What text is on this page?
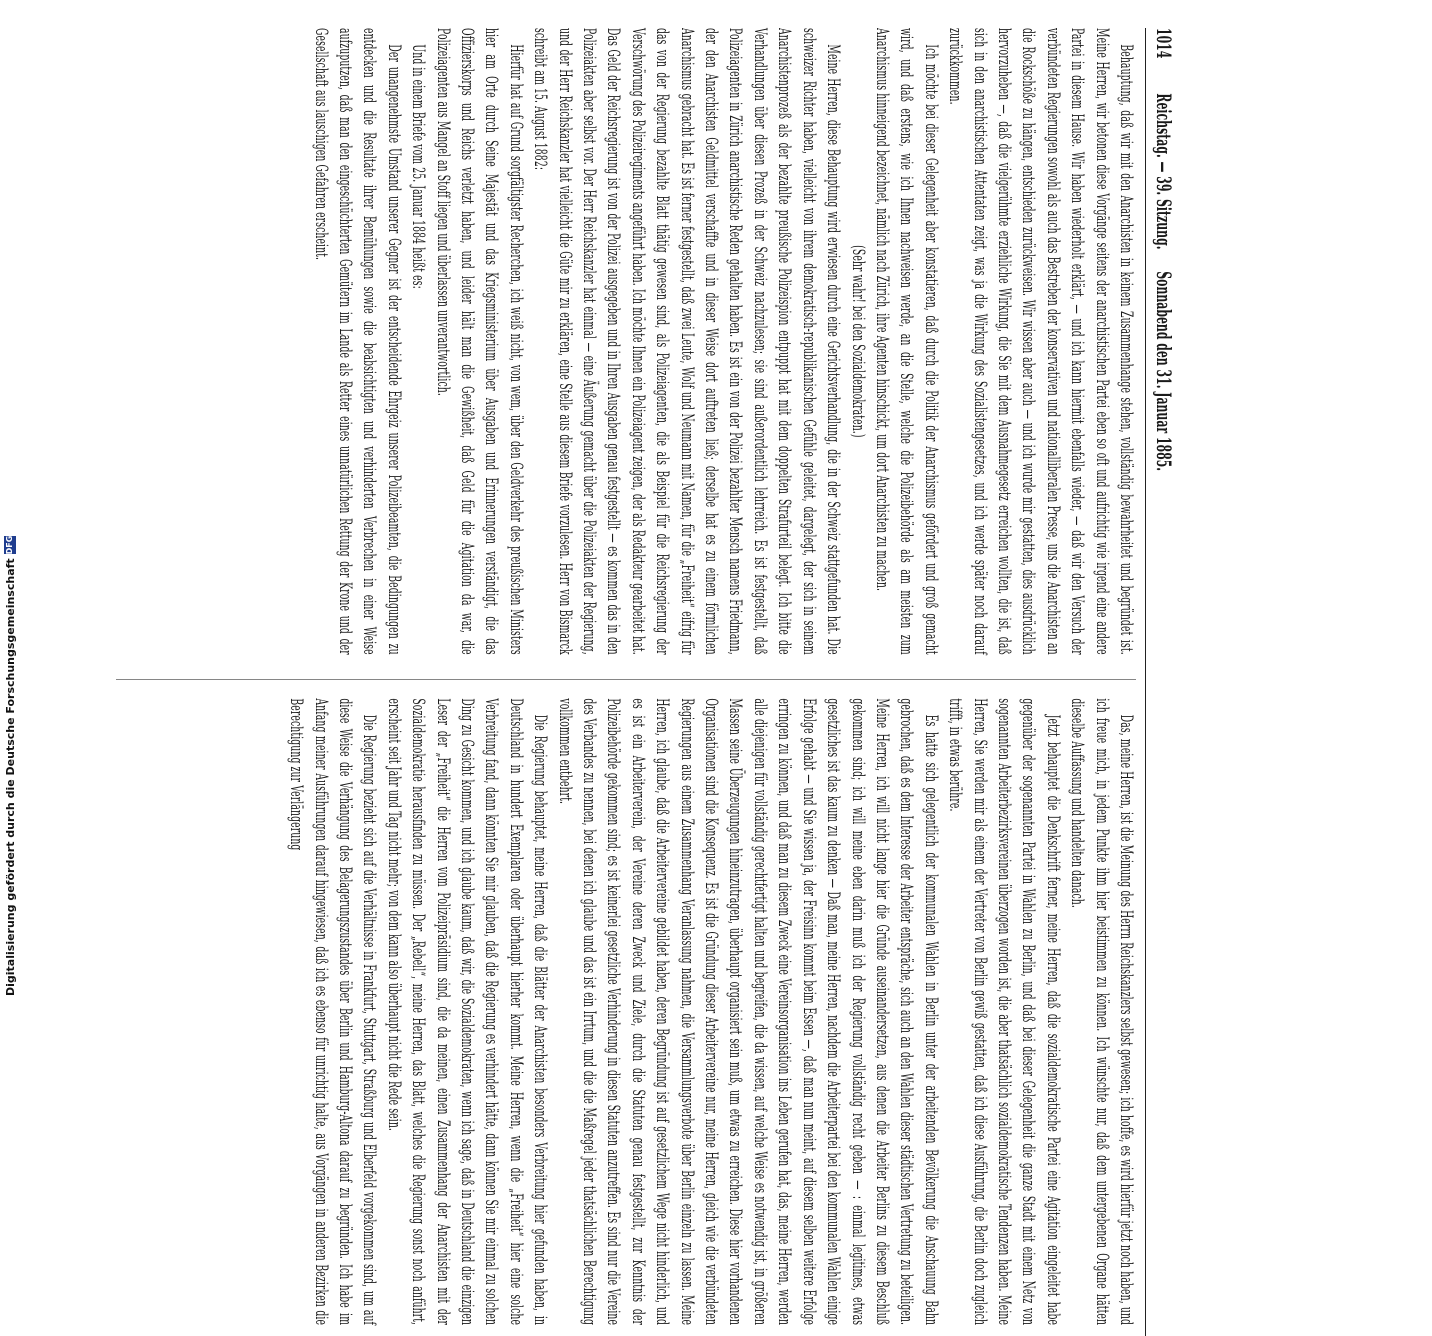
1014
Reichstag. — 39. Sitzung.
Sonnabend den 31. Januar 1885.

Behauptung, daß wir mit den Anarchisten in keinem Zusammenhange stehen, vollständig bewahrheitet und begründet ist. Meine Herren, wir betonen diese Vorgänge seitens der anarchistischen Partei eben so oft und aufrichtig wie irgend eine andere Partei in diesem Hause. Wir haben wiederholt erklärt, — und ich kann hiermit ebenfalls wieder, — daß wir den Versuch der verbündeten Regierungen sowohl als auch das Bestreben der konservativen und nationalliberalen Presse, uns die Anarchisten an die Rockschöße zu hängen, entschieden zurückweisen. Wir wissen aber auch — und ich wurde mir gestatten, dies ausdrücklich hervorzuheben —, daß die vielgerühmte erziehliche Wirkung, die Sie mit dem Ausnahmegesetz erreichen wollten, die ist, daß sich in den anarchistischen Attentaten zeigt, was ja die Wirkung des Sozialistengesetzes, und ich werde später noch darauf zurückkommen.

Ich möchte bei dieser Gelegenheit aber konstatieren, daß durch die Politik der Anarchismus gefördert und groß gemacht wird, und daß erstens, wie ich Ihnen nachweisen werde, an die Stelle, welche die Polizeibehörde als am meisten zum Anarchismus hinneigend bezeichnet, nämlich nach Zürich, ihre Agenten hinschickt, um dort Anarchisten zu machen.

(Sehr wahr! bei den Sozialdemokraten.)

Meine Herren, diese Behauptung wird erwiesen durch eine Gerichtsverhandlung, die in der Schweiz stattgefunden hat. Die schweizer Richter haben, vielleicht von ihrem demokratisch-republikanischen Gefühle geleitet, dargelegt, der sich in seinem Anarchistenprozeß als der bezahlte preußische Polizeispion entpuppt hat mit dem doppelten Strafurteil belegt. Ich bitte die Verhandlungen über diesen Prozeß in der Schweiz nachzulesen; sie sind außerordentlich lehrreich. Es ist festgestellt, daß Polizeiagenten in Zürich anarchistische Reden gehalten haben. Es ist ein von der Polizei bezahlter Mensch namens Friedmann, der den Anarchisten Geldmittel verschaffte und in dieser Weise dort auftreten ließ; derselbe hat es zu einem förmlichen Anarchismus gebracht hat. Es ist ferner festgestellt, daß zwei Leute, Wolf und Neumann mit Namen, für die „Freiheit“ eifrig für das von der Regierung bezahlte Blatt thätig gewesen sind, als Polizeiagenten, die als Beispiel für die Reichsregierung der Verschwörung des Polizeiregiments angeführt haben. Ich möchte Ihnen ein Polizeiagent zeigen, der als Redakteur gearbeitet hat. Das Geld der Reichsregierung ist von der Polizei ausgegeben und in Ihren Ausgaben genau festgestellt — es kommen das in den Polizeiakten aber selbst vor. Der Herr Reichskanzler hat einmal — eine Äußerung gemacht über die Polizeiakten der Regierung, und der Herr Reichskanzler hat vielleicht die Güte mir zu erklären, eine Stelle aus diesem Briefe vorzulesen. Herr von Bismarck schreibt am 15. August 1882:

Hierfür hat auf Grund sorgfältigster Recherchen, ich weiß nicht, von wem, über den Geldverkehr des preußischen Ministers hier am Orte durch Seine Majestät und das Kriegsministerium über Ausgaben und Erinnerungen verständigt, die das Offizierskorps und Reichs verletzt haben, und leider hält man die Gewißheit, daß Geld für die Agitation da war, die Polizeiagenten aus Mangel an Stoff liegen und überlassen unverantwortlich.

Und in einem Briefe vom 25. Januar 1884 heißt es:

Der unangenehmste Umstand unserer Gegner ist der entscheidende Ehrgeiz unserer Polizeibeamten, die Bedingungen zu entdecken und die Resultate ihrer Bemühungen sowie die beabsichtigten und verhinderten Verbrechen in einer Weise aufzuputzen, daß man den eingeschüchterten Gemütern im Lande als Retter eines unnatürlichen Rettung der Krone und der Gesellschaft aus lauschigen Gefahren erscheint.

Das, meine Herren, ist die Meinung des Herrn Reichskanzlers selbst gewesen; ich hoffe, es wird hierfür jetzt noch haben, und ich freue mich, in jedem Punkte ihm hier beistimmen zu können. Ich wünschte nur, daß dem untergebenen Organe hätten dieselbe Auffassung und handelten danach.

Jetzt behauptet die Denkschrift ferner, meine Herren, daß die sozialdemokratische Partei eine Agitation eingeleitet habe gegenüber der sogenannten Partei in Wahlen zu Berlin, und daß bei dieser Gelegenheit die ganze Stadt mit einem Netz von sogenannten Arbeiterbezirksvereinen überzogen worden ist, die aber thatsächlich sozialdemokratische Tendenzen haben. Meine Herren, Sie werden mir als einem der Vertreter von Berlin gewiß gestatten, daß ich diese Ausführung, die Berlin doch zugleich trifft, in etwas berühre.

Es hatte sich gelegentlich der kommunalen Wahlen in Berlin unter der arbeitenden Bevölkerung die Anschauung Bahn gebrochen, daß es dem Interesse der Arbeiter entspräche, sich auch an den Wahlen dieser städtischen Vertretung zu beteiligen. Meine Herren, ich will nicht lange hier die Gründe auseinandersetzen, aus denen die Arbeiter Berlins zu diesem Beschluß gekommen sind; ich will meine eben darin muß ich der Regierung vollständig recht geben — : einmal legitimes, etwas gesetzliches ist das kaum zu denken — Daß man, meine Herren, nachdem die Arbeiterpartei bei den kommunalen Wahlen einige Erfolge gehabt — und Sie wissen ja, der Freisinn kommt beim Essen —, daß man nun meint, auf diesem selben weitere Erfolge erringen zu können, und daß man zu diesem Zweck eine Vereinsorganisation ins Leben gerufen hat, das, meine Herren, werden alle diejenigen für vollständig gerechtfertigt halten und begreifen, die da wissen, auf welche Weise es notwendig ist, in größeren Massen seine Überzeugungen hineinzutragen, überhaupt organisiert sein muß, um etwas zu erreichen. Diese hier vorhandenen Organisationen sind die Konsequenz. Es ist die Gründung dieser Arbeitervereine nur, meine Herren, gleich wie die verbündeten Regierungen aus einem Zusammenhang Veranlassung nahmen, die Versammlungsverbote über Berlin einzeln zu lassen. Meine Herren, ich glaube, daß die Arbeitervereine gebildet haben, deren Begründung ist auf gesetzlichem Wege nicht hinderlich, und es ist ein Arbeiterverein, der Vereine deren Zweck und Ziele, durch die Statuten genau festgestellt, zur Kenntnis der Polizeibehörde gekommen sind; es ist keinerlei gesetzliche Verhinderung in diesen Statuten anzutreffen. Es sind nur die Vereine des Verbandes zu nennen, bei denen ich glaube und das ist ein Irrtum, und die die Maßregel jeder thatsächlichen Berechtigung vollkommen entbehrt.

Die Regierung behauptet, meine Herren, daß die Blätter der Anarchisten besonders Verbreitung hier gefunden haben, in Deutschland in hundert Exemplaren oder überhaupt hierher kommt. Meine Herren, wenn die „Freiheit“ hier eine solche Verbreitung fand, dann könnten Sie mir glauben, daß die Regierung es verhindert hätte, dann können Sie mir einmal zu solchen Ding zu Gesicht kommen, und ich glaube kaum, daß wir, die Sozialdemokraten, wenn ich sage, daß in Deutschland die einzigen Leser der „Freiheit“ die Herren vom Polizeipräsidium sind, die da meinen, einen Zusammenhang der Anarchisten mit der Sozialdemokratie herausfinden zu müssen. Der „Rebell“, meine Herren, das Blatt, welches die Regierung sonst noch anführt, erscheint seit Jahr und Tag nicht mehr; von dem kann also überhaupt nicht die Rede sein.

Die Regierung bezieht sich auf die Verhältnisse in Frankfurt, Stuttgart, Straßburg und Elberfeld vorgekommen sind, um auf diese Weise die Verhängung des Belagerungszustandes über Berlin und Hamburg-Altona darauf zu begründen. Ich habe im Anfang meiner Ausführungen darauf hingewiesen, daß ich es ebenso für unrichtig halte, aus Vorgängen in anderen Bezirken die Berechtigung zur Verlängerung

Digitalisierung gefördert durch die Deutsche Forschungsgemeinschaft
DFG
